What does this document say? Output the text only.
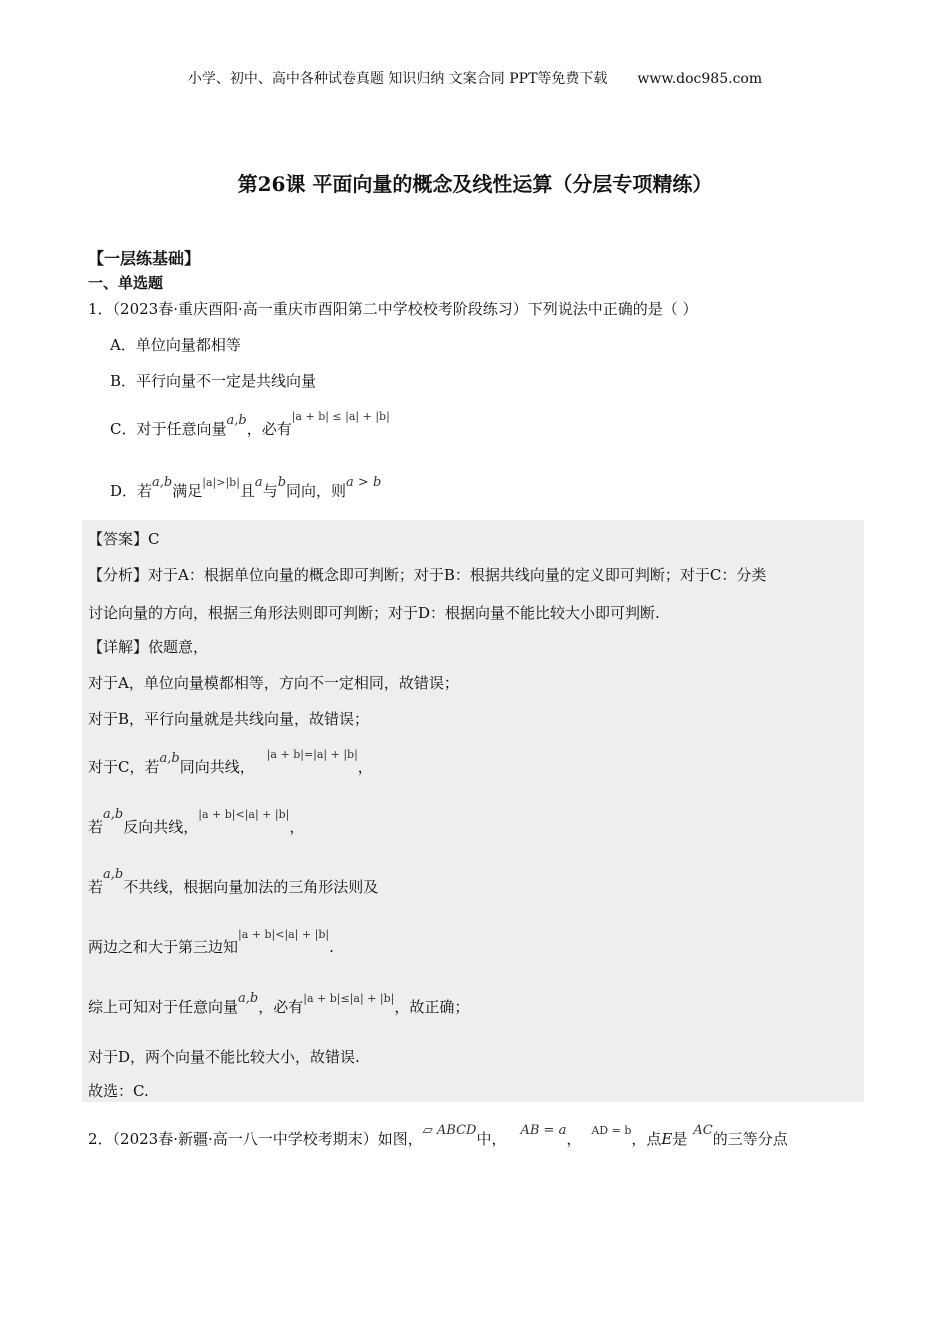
小学、初中、高中各种试卷真题 知识归纳 文案合同 PPT等免费下载 www.doc985.com
第26课 平面向量的概念及线性运算（分层专项精练）
【一层练基础】
一、单选题
1．（2023春·重庆酉阳·高一重庆市酉阳第二中学校校考阶段练习）下列说法中正确的是（ ）
A．单位向量都相等
B．平行向量不一定是共线向量
C．对于任意向量a,b，必有$^{|a + b| \le |a| + |b|}$
D．若a,b满足$^{|a|>|b|}$且a与b同向，则a > b
【答案】C
【分析】对于A：根据单位向量的概念即可判断；对于B：根据共线向量的定义即可判断；对于C：分类
讨论向量的方向，根据三角形法则即可判断；对于D：根据向量不能比较大小即可判断.
【详解】依题意，
对于A，单位向量模都相等，方向不一定相同，故错误；
对于B，平行向量就是共线向量，故错误；
对于C，若a,b同向共线，$^{|a + b|=|a| + |b|}$，
若a,b反向共线，$^{|a + b|<|a| + |b|}$，
若a,b不共线，根据向量加法的三角形法则及
两边之和大于第三边知$^{|a + b|<|a| + |b|}$.
综上可知对于任意向量a,b，必有$^{|a + b|\le|a| + |b|}$，故正确；
对于D，两个向量不能比较大小，故错误.
故选：C.
2．（2023春·新疆·高一八一中学校考期末）如图，▱ ABCD中， AB = a， $^{AD = b}$，点E是 AC的三等分点
